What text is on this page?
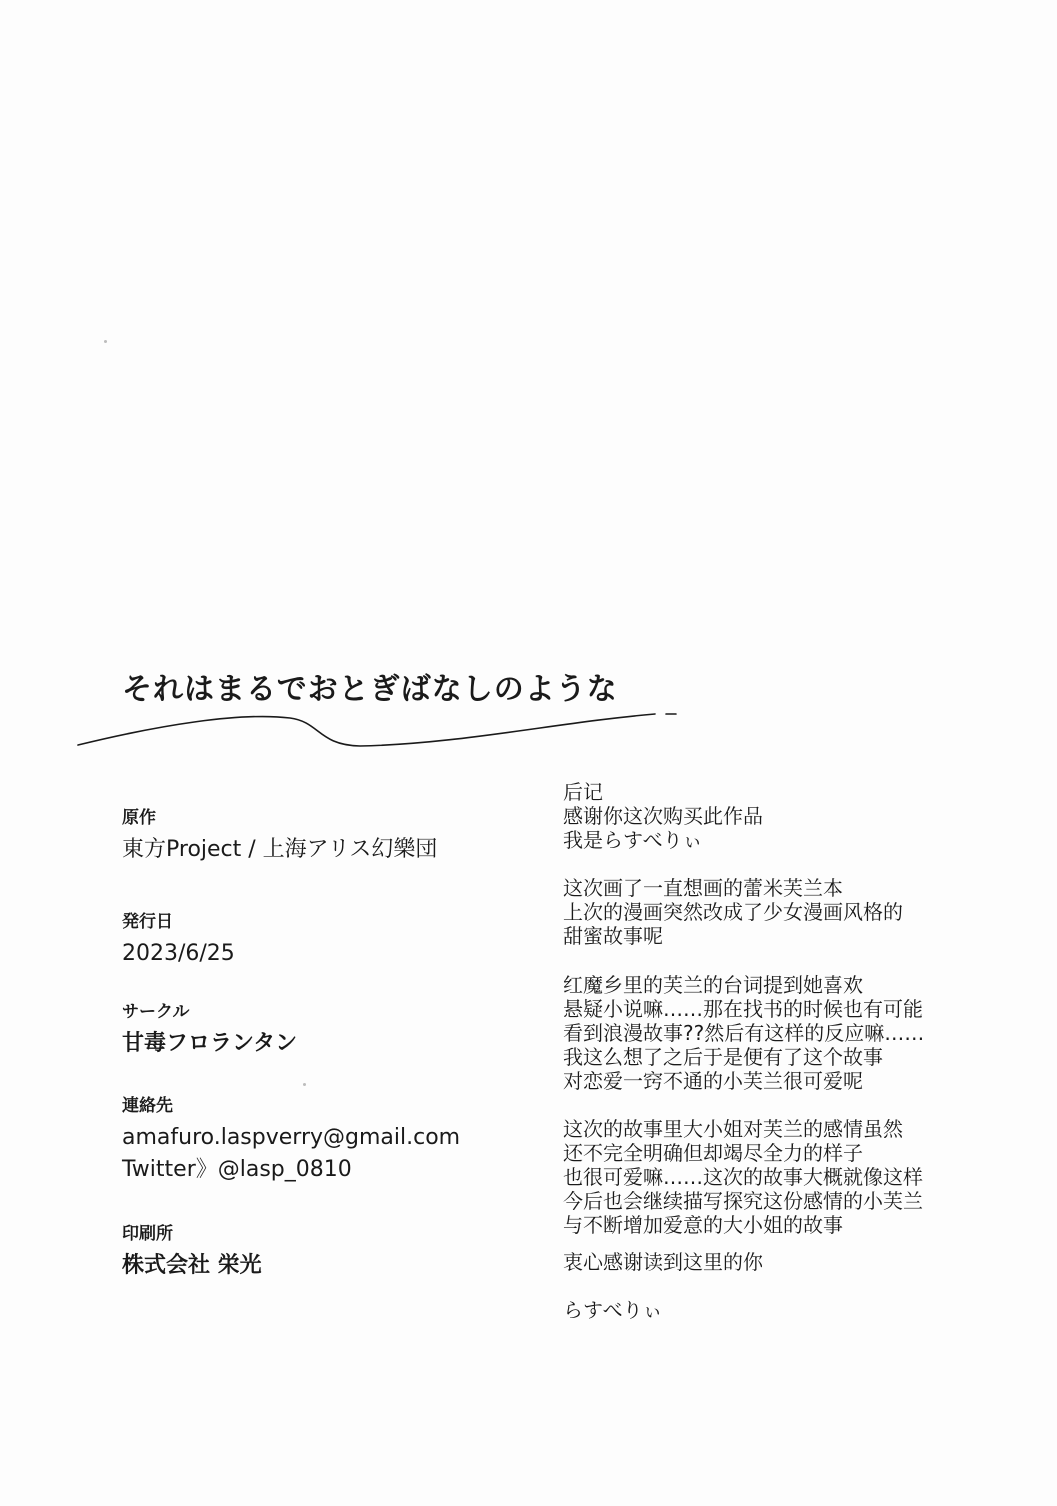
それはまるでおとぎばなしのような
原作
東方Project / 上海アリス幻樂団
発行日
2023/6/25
サークル
甘毒フロランタン
連絡先
amafuro.laspverry@gmail.com
Twitter》@lasp_0810
印刷所
株式会社 栄光
后记
感谢你这次购买此作品
我是らすべりぃ
这次画了一直想画的蕾米芙兰本
上次的漫画突然改成了少女漫画风格的
甜蜜故事呢
红魔乡里的芙兰的台词提到她喜欢
悬疑小说嘛……那在找书的时候也有可能
看到浪漫故事??然后有这样的反应嘛……
我这么想了之后于是便有了这个故事
对恋爱一窍不通的小芙兰很可爱呢
这次的故事里大小姐对芙兰的感情虽然
还不完全明确但却竭尽全力的样子
也很可爱嘛……这次的故事大概就像这样
今后也会继续描写探究这份感情的小芙兰
与不断增加爱意的大小姐的故事
衷心感谢读到这里的你
らすべりぃ
